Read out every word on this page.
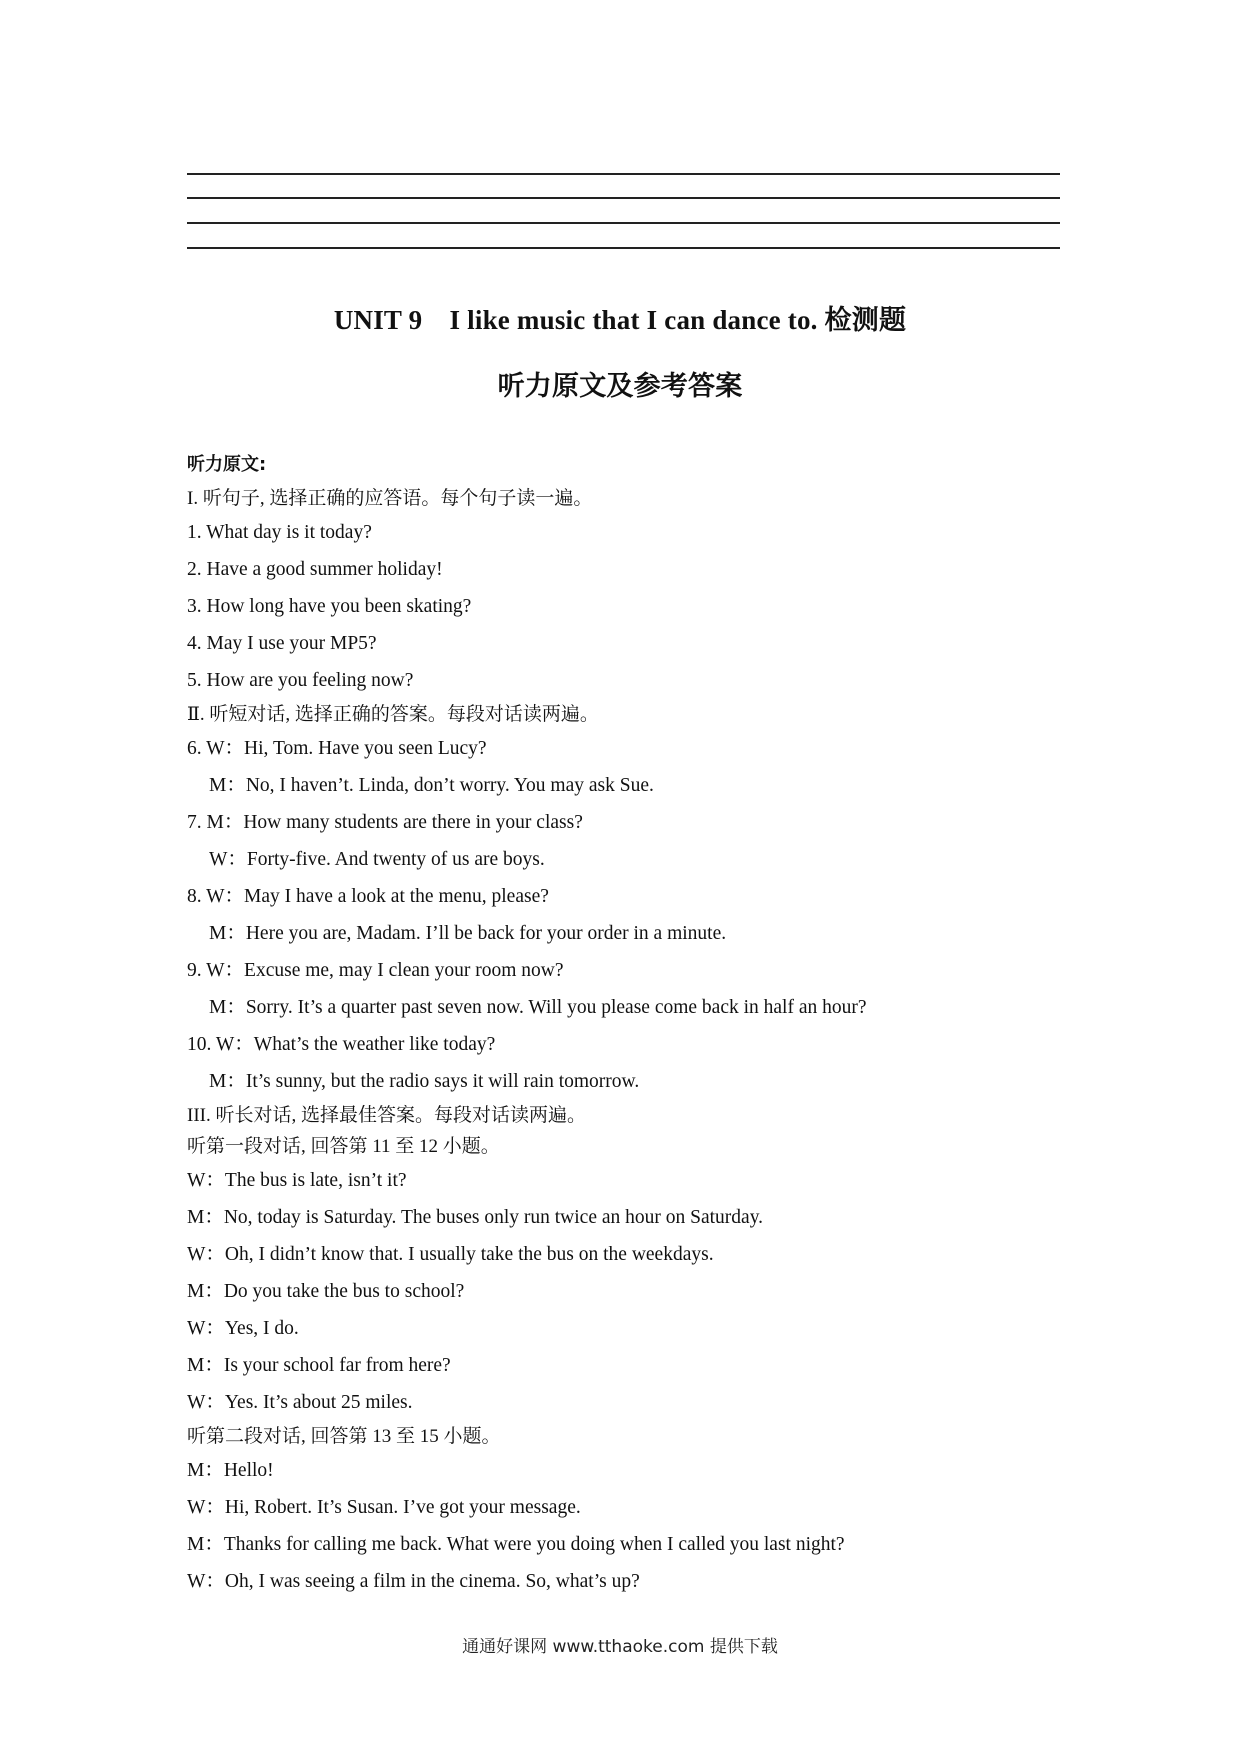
UNIT 9　I like music that I can dance to. 检测题
听力原文及参考答案
听力原文:
I. 听句子, 选择正确的应答语。每个句子读一遍。
1. What day is it today?
2. Have a good summer holiday!
3. How long have you been skating?
4. May I use your MP5?
5. How are you feeling now?
Ⅱ. 听短对话, 选择正确的答案。每段对话读两遍。
6. W：Hi, Tom. Have you seen Lucy?
M：No, I haven’t. Linda, don’t worry. You may ask Sue.
7. M：How many students are there in your class?
W：Forty-five. And twenty of us are boys.
8. W：May I have a look at the menu, please?
M：Here you are, Madam. I’ll be back for your order in a minute.
9. W：Excuse me, may I clean your room now?
M：Sorry. It’s a quarter past seven now. Will you please come back in half an hour?
10. W：What’s the weather like today?
M：It’s sunny, but the radio says it will rain tomorrow.
III. 听长对话, 选择最佳答案。每段对话读两遍。
听第一段对话, 回答第 11 至 12 小题。
W：The bus is late, isn’t it?
M：No, today is Saturday. The buses only run twice an hour on Saturday.
W：Oh, I didn’t know that. I usually take the bus on the weekdays.
M：Do you take the bus to school?
W：Yes, I do.
M：Is your school far from here?
W：Yes. It’s about 25 miles.
听第二段对话, 回答第 13 至 15 小题。
M：Hello!
W：Hi, Robert. It’s Susan. I’ve got your message.
M：Thanks for calling me back. What were you doing when I called you last night?
W：Oh, I was seeing a film in the cinema. So, what’s up?
通通好课网 www.tthaoke.com 提供下载
